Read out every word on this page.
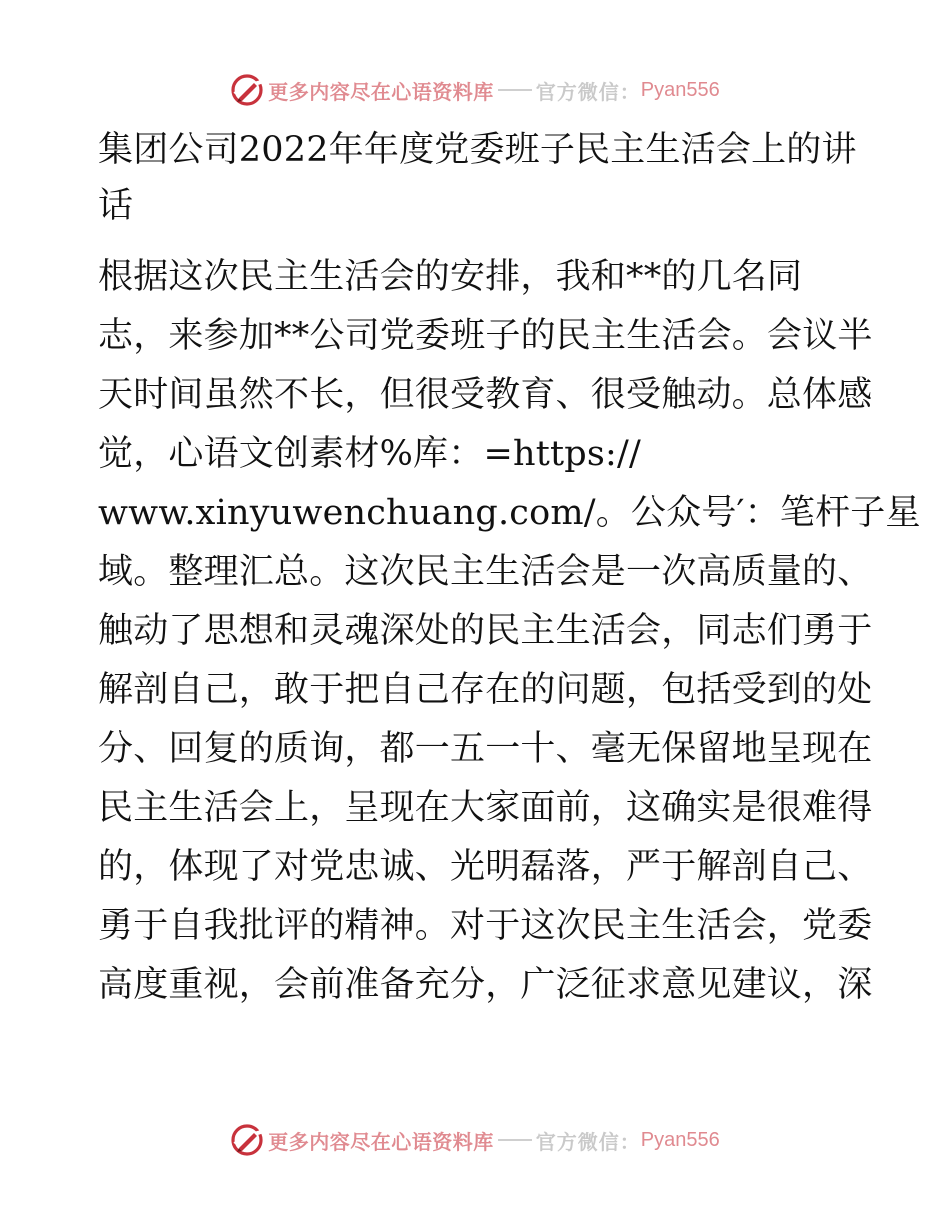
更多内容尽在心语资料库 官方微信： Pyan556
集团公司2022年年度党委班子民主生活会上的讲
话
根据这次民主生活会的安排，我和**的几名同
志，来参加**公司党委班子的民主生活会。会议半
天时间虽然不长，但很受教育、很受触动。总体感
觉，心语文创素材%库：=https://
www.xinyuwenchuang.com/。公众号′：笔杆子星
域。整理汇总。这次民主生活会是一次高质量的、
触动了思想和灵魂深处的民主生活会，同志们勇于
解剖自己，敢于把自己存在的问题，包括受到的处
分、回复的质询，都一五一十、毫无保留地呈现在
民主生活会上，呈现在大家面前，这确实是很难得
的，体现了对党忠诚、光明磊落，严于解剖自己、
勇于自我批评的精神。对于这次民主生活会，党委
高度重视，会前准备充分，广泛征求意见建议，深
更多内容尽在心语资料库 官方微信： Pyan556
